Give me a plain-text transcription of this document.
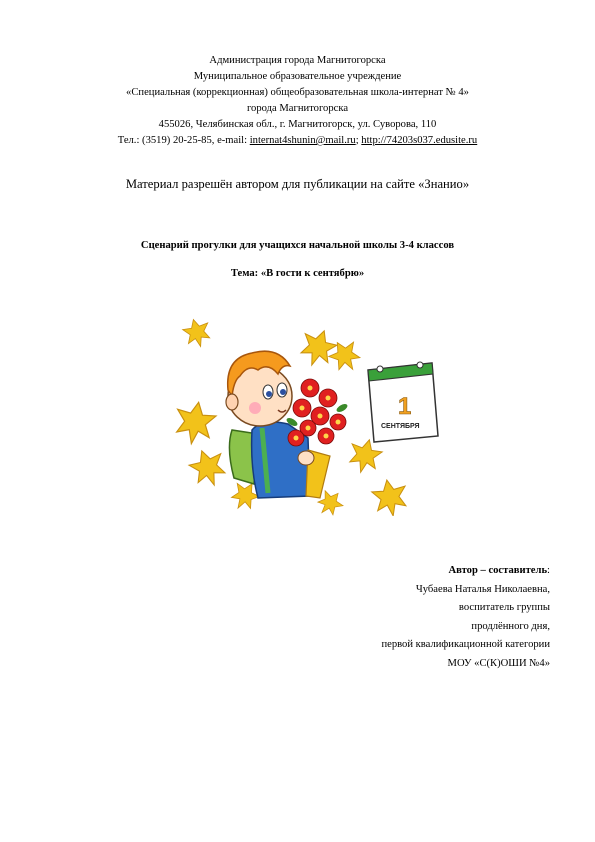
Администрация города Магнитогорска
Муниципальное образовательное учреждение
«Специальная (коррекционная) общеобразовательная школа-интернат № 4»
города Магнитогорска
455026, Челябинская обл., г. Магнитогорск, ул. Суворова, 110
Тел.: (3519) 20-25-85, e-mail: internat4shunin@mail.ru; http://74203s037.edusite.ru
Материал разрешён автором для публикации на сайте «Знанио»
Сценарий прогулки для учащихся начальной школы 3-4 классов
Тема: «В гости к сентябрю»
1
СЕНТЯБРЯ
Автор – составитель:
Чубаева Наталья Николаевна,
воспитатель группы
продлённого дня,
первой квалификационной категории
МОУ «С(К)ОШИ №4»
